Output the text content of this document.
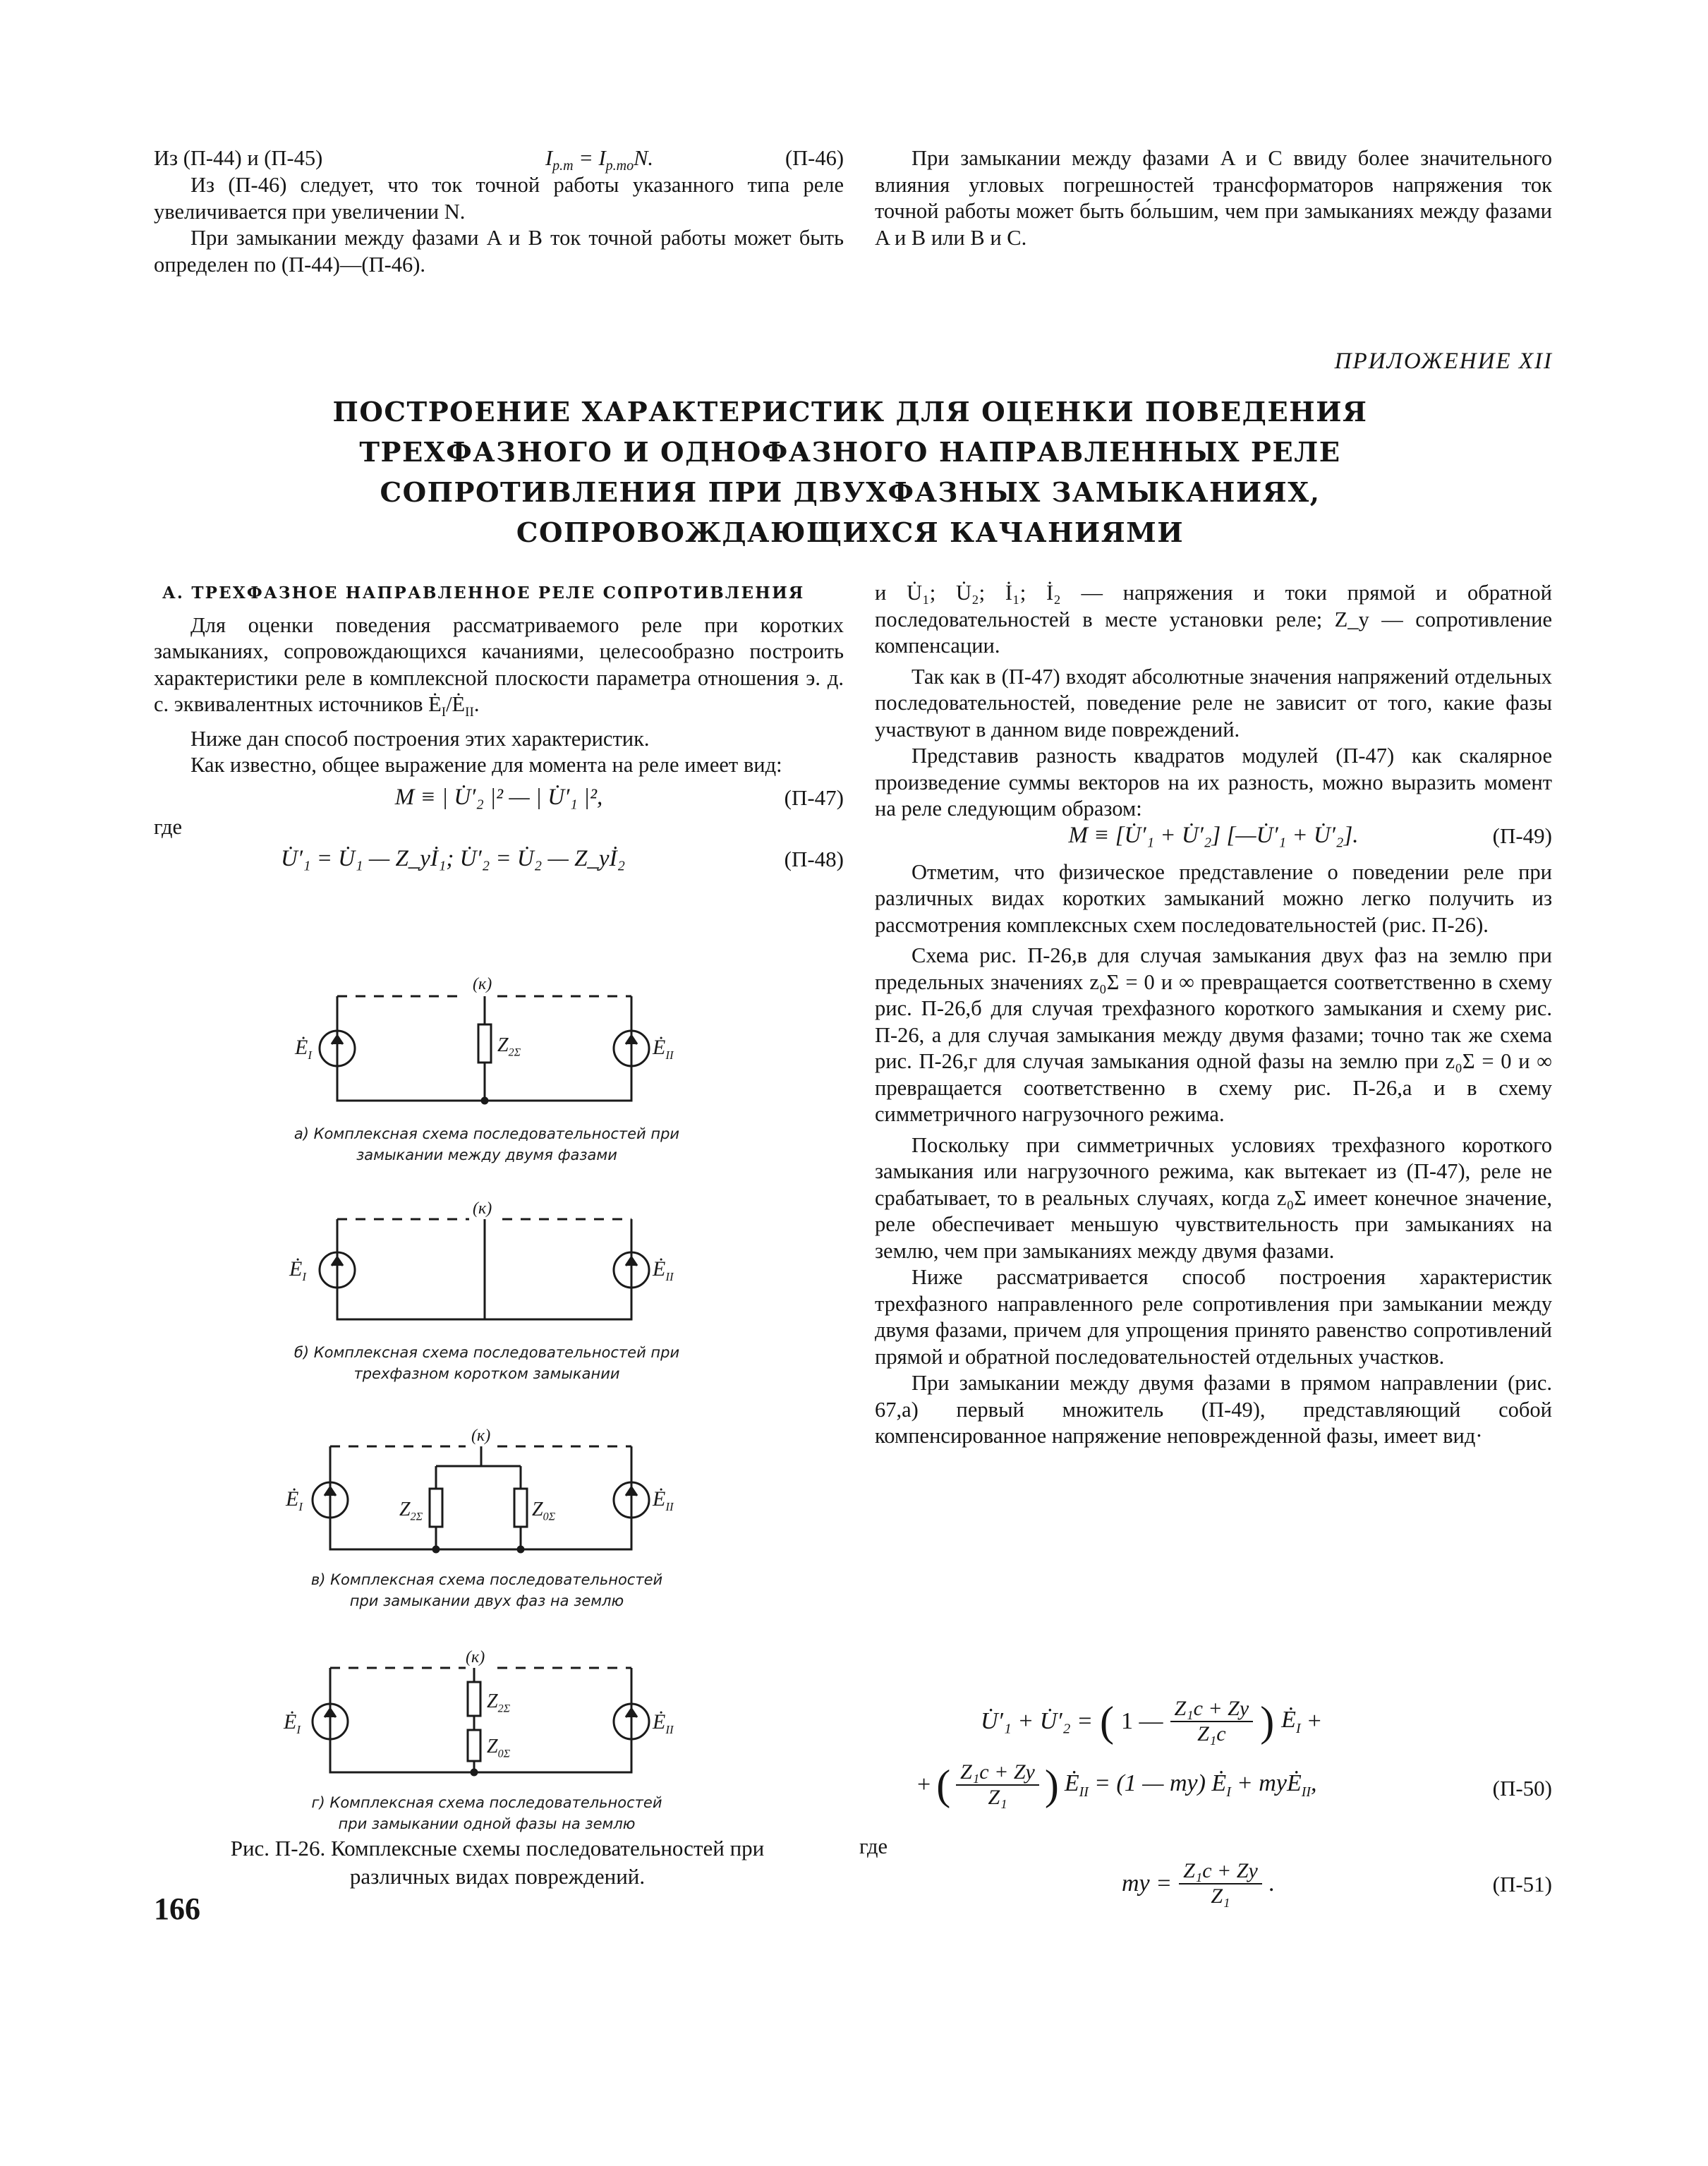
Из (П-44) и (П-45)	$I_{р.т} = I_{р.то}N$.	(П-46)

Из (П-46) следует, что ток точной работы указанного типа реле увеличивается при увеличении N.

При замыкании между фазами A и B ток точной работы может быть определен по (П-44)—(П-46).

При замыкании между фазами A и C ввиду более значительного влияния угловых погрешностей трансформаторов напряжения ток точной работы может быть бо́льшим, чем при замыканиях между фазами A и B или B и C.

ПРИЛОЖЕНИЕ XII
ПОСТРОЕНИЕ ХАРАКТЕРИСТИК ДЛЯ ОЦЕНКИ ПОВЕДЕНИЯ
ТРЕХФАЗНОГО И ОДНОФАЗНОГО НАПРАВЛЕННЫХ РЕЛЕ
СОПРОТИВЛЕНИЯ ПРИ ДВУХФАЗНЫХ ЗАМЫКАНИЯХ,
СОПРОВОЖДАЮЩИХСЯ КАЧАНИЯМИ

А. ТРЕХФАЗНОЕ НАПРАВЛЕННОЕ РЕЛЕ СОПРОТИВЛЕНИЯ

Для оценки поведения рассматриваемого реле при коротких замыканиях, сопровождающихся качаниями, целесообразно построить характеристики реле в комплексной плоскости параметра отношения э. д. с. эквивалентных источников $Ė_I/Ė_{II}$.

Ниже дан способ построения этих характеристик.

Как известно, общее выражение для момента на реле имеет вид:

M ≡ | U̇′₂ |² — | U̇′₁ |²,	(П-47)

где

U̇′₁ = U̇₁ — Z_уİ₁; U̇′₂ = U̇₂ — Z_уİ₂	(П-48)
(к)
$Ė_I$	$Z_{2\Sigma}$	$Ė_{II}$
(к)
$Ė_I$	$Ė_{II}$
(к)
$Ė_I$	$Z_{2\Sigma}$	$Z_{0\Sigma}$
$Ė_{II}$
(к)
$Ė_I$
$Z_{2\Sigma}$
$Z_{0\Sigma}$
$Ė_{II}$
а) Комплексная схема последовательностей при
замыкании между двумя фазами
б) Комплексная схема последовательностей при
трехфазном коротком замыкании
в) Комплексная схема последовательностей
при замыкании двух фаз на землю
г) Комплексная схема последовательностей
при замыкании одной фазы на землю
Рис. П-26. Комплексные схемы последовательностей при
различных видах повреждений.
166

и U̇₁; U̇₂; İ₁; İ₂ — напряжения и токи прямой и обратной последовательностей в месте установки реле; Z_у — сопротивление компенсации.

Так как в (П-47) входят абсолютные значения напряжений отдельных последовательностей, поведение реле не зависит от того, какие фазы участвуют в данном виде повреждений.

Представив разность квадратов модулей (П-47) как скалярное произведение суммы векторов на их разность, можно выразить момент на реле следующим образом:

M ≡ [U̇′₁ + U̇′₂] [—U̇′₁ + U̇′₂].	(П-49)

Отметим, что физическое представление о поведении реле при различных видах коротких замыканий можно легко получить из рассмотрения комплексных схем последовательностей (рис. П-26).

Схема рис. П-26,в для случая замыкания двух фаз на землю при предельных значениях z₀Σ = 0 и ∞ превращается соответственно в схему рис. П-26,б для случая трехфазного короткого замыкания и схему рис. П-26, а для случая замыкания между двумя фазами; точно так же схема рис. П-26,г для случая замыкания одной фазы на землю при z₀Σ = 0 и ∞ превращается соответственно в схему рис. П-26,а и в схему симметричного нагрузочного режима.

Поскольку при симметричных условиях трехфазного короткого замыкания или нагрузочного режима, как вытекает из (П-47), реле не срабатывает, то в реальных случаях, когда z₀Σ имеет конечное значение, реле обеспечивает меньшую чувствительность при замыканиях на землю, чем при замыканиях между двумя фазами.

Ниже рассматривается способ построения характеристик трехфазного направленного реле сопротивления при замыкании между двумя фазами, причем для упрощения принято равенство сопротивлений прямой и обратной последовательностей отдельных участков.

При замыкании между двумя фазами в прямом направлении (рис. 67,а) первый множитель (П-49), представляющий собой компенсированное напряжение неповрежденной фазы, имеет вид·

U̇′₁ + U̇′₂ = ( 1 — Z₁c + Zу
Z₁c ) $Ė_I$ +
+ ( Z₁c + Zу
Z₁ ) $Ė_{II} = (1$ — mу) $Ė_I$ + mуĖ$_{II}$,	(П-50)
где
mу = Z₁c + Zу
Z₁ .	(П-51)
